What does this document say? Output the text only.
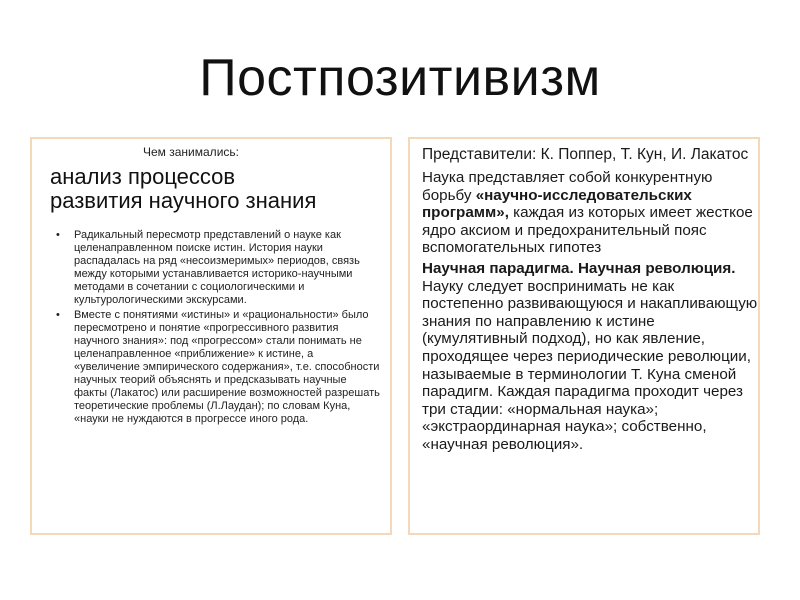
Постпозитивизм
Чем занимались:
анализ процессов
развития научного знания
• Радикальный пересмотр представлений о науке как целенаправленном поиске истин. История науки распадалась на ряд «несоизмеримых» периодов, связь между которыми устанавливается историко-научными методами в сочетании с социологическими и культурологическими экскурсами.
• Вместе с понятиями «истины» и «рациональности» было пересмотрено и понятие «прогрессивного развития научного знания»: под «прогрессом» стали понимать не целенаправленное «приближение» к истине, а «увеличение эмпирического содержания», т.е. способности научных теорий объяснять и предсказывать научные факты (Лакатос) или расширение возможностей разрешать теоретические проблемы (Л.Лаудан); по словам Куна, «науки не нуждаются в прогрессе иного рода.

Представители: К. Поппер, Т. Кун, И. Лакатос

Наука представляет собой конкурентную борьбу «научно-исследовательских программ», каждая из которых имеет жесткое ядро аксиом и предохранительный пояс вспомогательных гипотез

Научная парадигма. Научная революция. Науку следует воспринимать не как постепенно развивающуюся и накапливающую знания по направлению к истине (кумулятивный подход), но как явление, проходящее через периодические революции, называемые в терминологии Т. Куна сменой парадигм. Каждая парадигма проходит через три стадии: «нормальная наука»; «экстраординарная наука»; собственно, «научная революция».
